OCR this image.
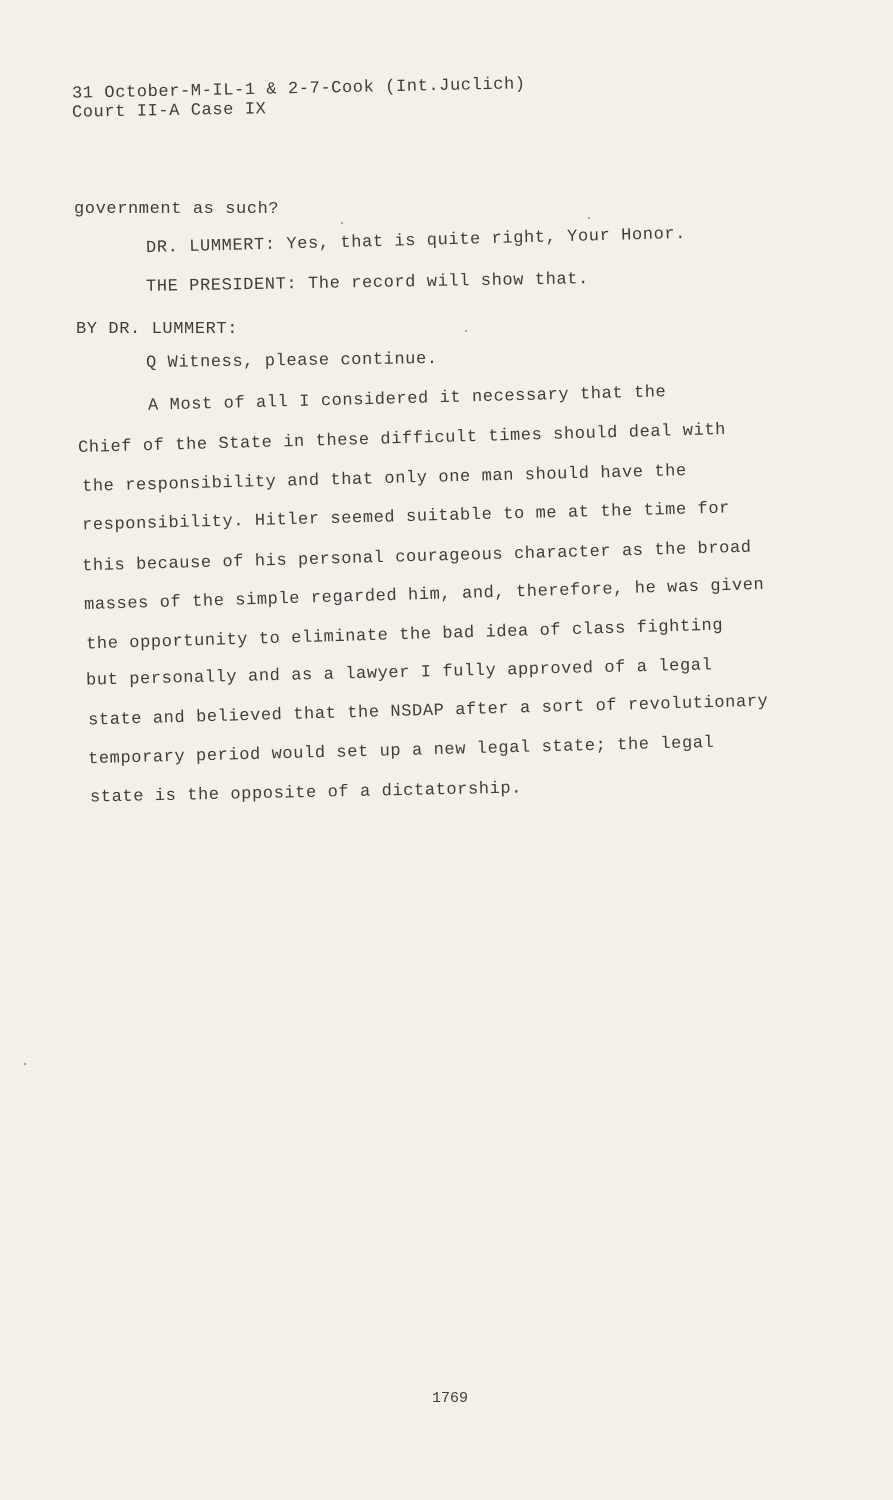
31 October-M-IL-1 & 2-7-Cook (Int.Juclich)
Court II-A Case IX
government as such?
DR. LUMMERT: Yes, that is quite right, Your Honor.
THE PRESIDENT: The record will show that.
BY DR. LUMMERT:
Q Witness, please continue.
A Most of all I considered it necessary that the
Chief of the State in these difficult times should deal with
the responsibility and that only one man should have the
responsibility. Hitler seemed suitable to me at the time for
this because of his personal courageous character as the broad
masses of the simple regarded him, and, therefore, he was given
the opportunity to eliminate the bad idea of class fighting
but personally and as a lawyer I fully approved of a legal
state and believed that the NSDAP after a sort of revolutionary
temporary period would set up a new legal state; the legal
state is the opposite of a dictatorship.
1769
